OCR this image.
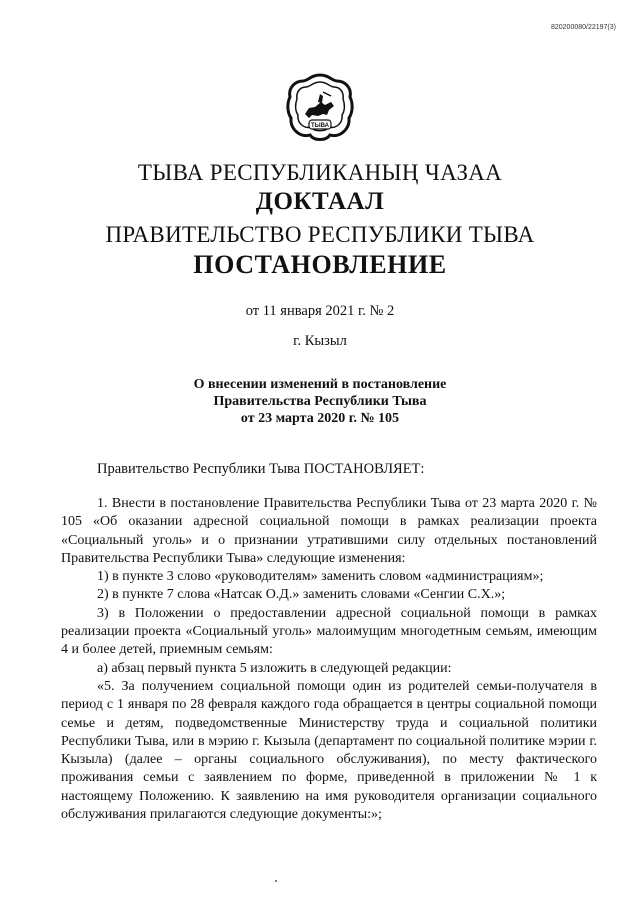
820200080/22197(3)
ТЫВА
ТЫВА РЕСПУБЛИКАНЫҢ ЧАЗАА
ДОКТААЛ
ПРАВИТЕЛЬСТВО РЕСПУБЛИКИ ТЫВА
ПОСТАНОВЛЕНИЕ
от 11 января 2021 г. № 2
г. Кызыл
О внесении изменений в постановление
Правительства Республики Тыва
от 23 марта 2020 г. № 105
Правительство Республики Тыва ПОСТАНОВЛЯЕТ:

1. Внести в постановление Правительства Республики Тыва от 23 марта 2020 г. № 105 «Об оказании адресной социальной помощи в рамках реализации проекта «Социальный уголь» и о признании утратившими силу отдельных постановлений Правительства Республики Тыва» следующие изменения:

1) в пункте 3 слово «руководителям» заменить словом «администрациям»;

2) в пункте 7 слова «Натсак О.Д.» заменить словами «Сенгии С.Х.»;

3) в Положении о предоставлении адресной социальной помощи в рамках реализации проекта «Социальный уголь» малоимущим многодетным семьям, имеющим 4 и более детей, приемным семьям:

а) абзац первый пункта 5 изложить в следующей редакции:

«5. За получением социальной помощи один из родителей семьи-получателя в период с 1 января по 28 февраля каждого года обращается в центры социальной помощи семье и детям, подведомственные Министерству труда и социальной политики Республики Тыва, или в мэрию г. Кызыла (департамент по социальной политике мэрии г. Кызыла) (далее – органы социального обслуживания), по месту фактического проживания семьи с заявлением по форме, приведенной в приложении № 1 к настоящему Положению. К заявлению на имя руководителя организации социального обслуживания прилагаются следующие документы:»;
